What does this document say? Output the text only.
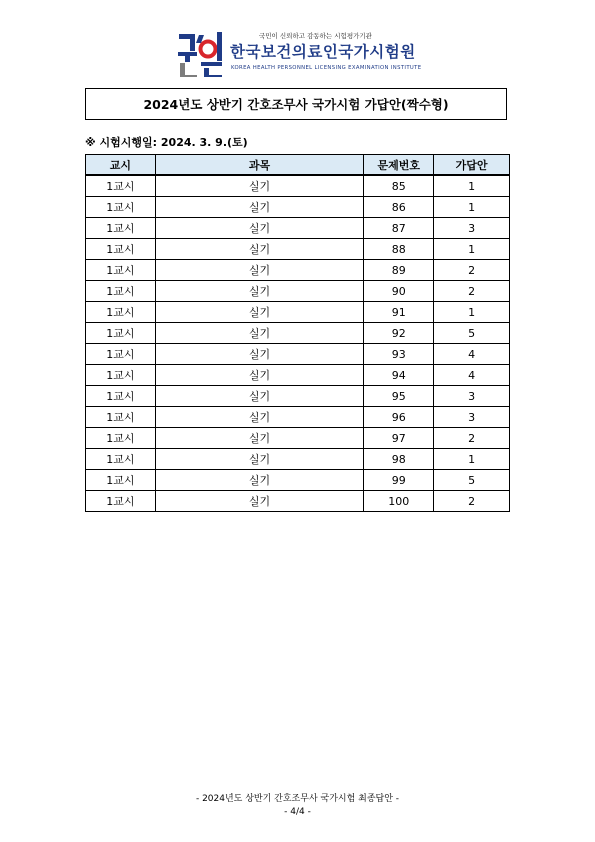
국민이 신뢰하고 감동하는 시험평가기관
한국보건의료인국가시험원
KOREA HEALTH PERSONNEL LICENSING EXAMINATION INSTITUTE
2024년도 상반기 간호조무사 국가시험 가답안(짝수형)
※ 시험시행일: 2024. 3. 9.(토)
교시	과목	문제번호	가답안
1교시	실기	85	1
1교시	실기	86	1
1교시	실기	87	3
1교시	실기	88	1
1교시	실기	89	2
1교시	실기	90	2
1교시	실기	91	1
1교시	실기	92	5
1교시	실기	93	4
1교시	실기	94	4
1교시	실기	95	3
1교시	실기	96	3
1교시	실기	97	2
1교시	실기	98	1
1교시	실기	99	5
1교시	실기	100	2
- 2024년도 상반기 간호조무사 국가시험 최종답안 -
- 4/4 -
